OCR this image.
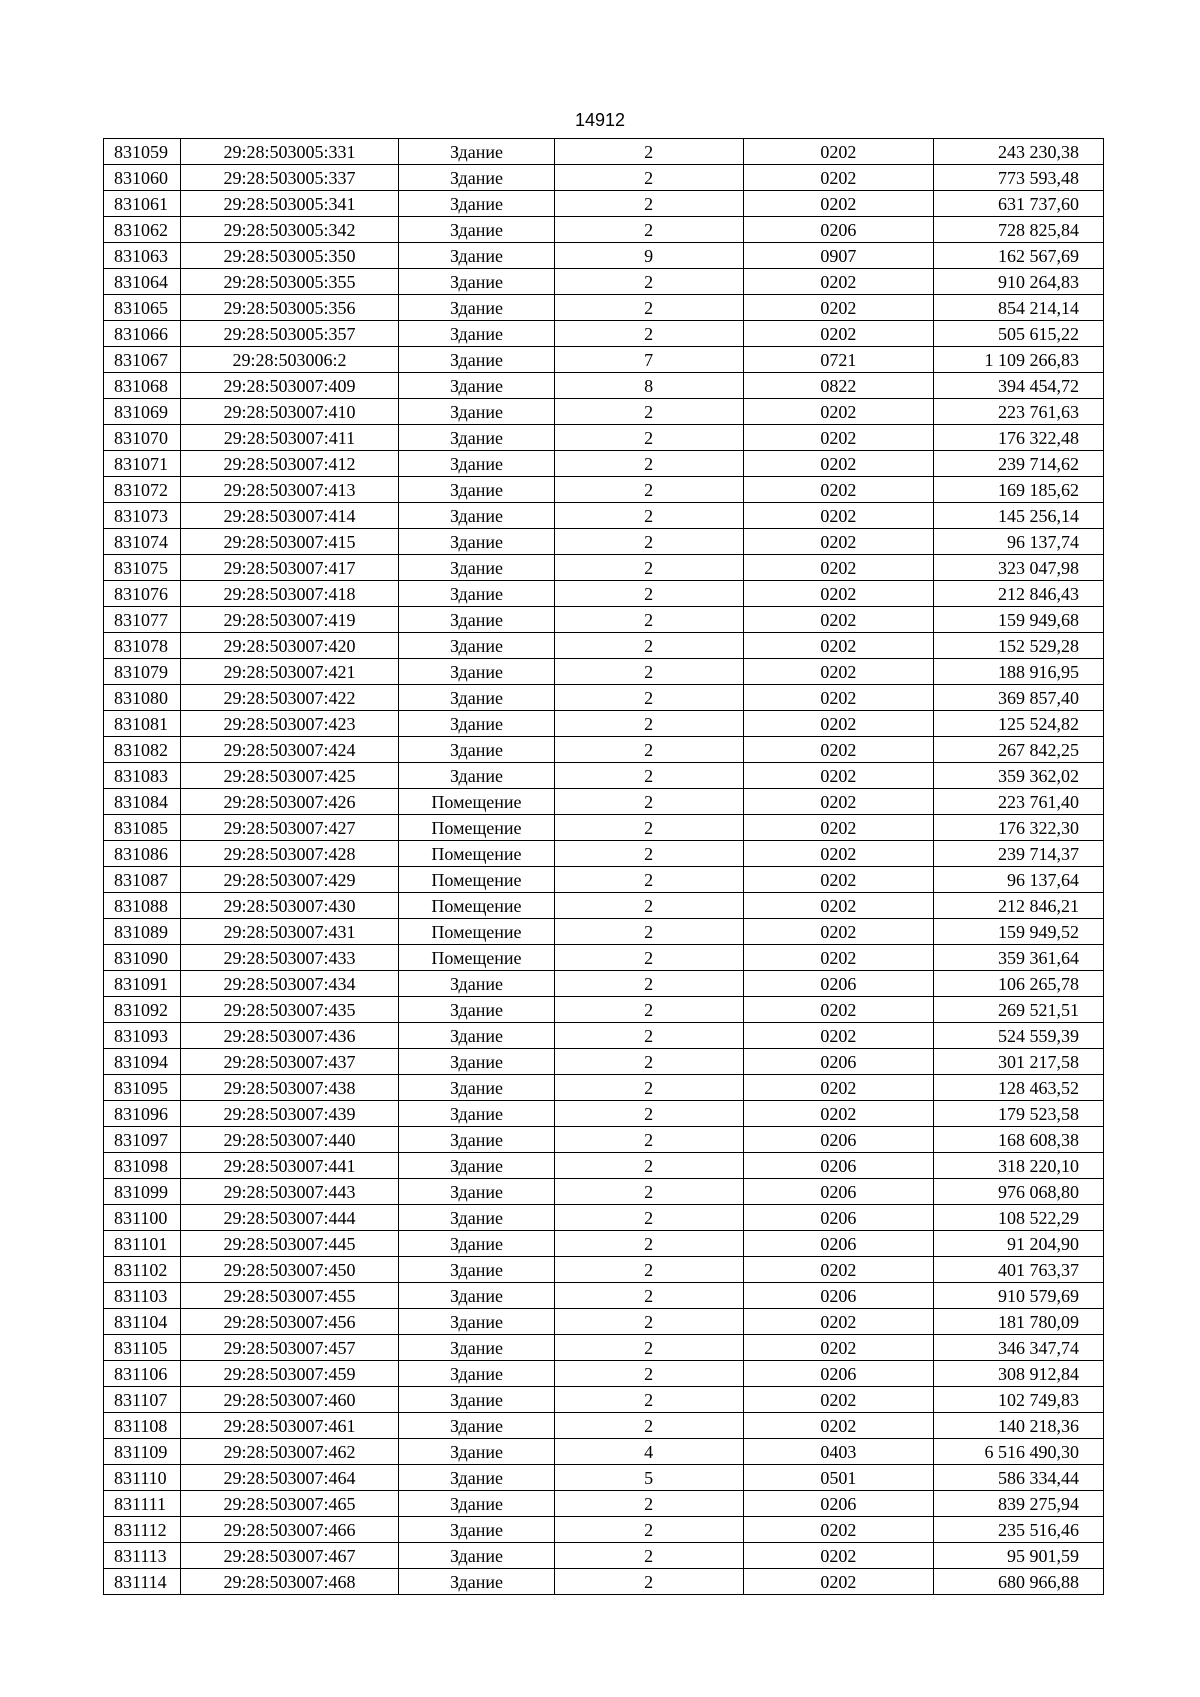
14912
831059	29:28:503005:331	Здание	2	0202	243 230,38
831060	29:28:503005:337	Здание	2	0202	773 593,48
831061	29:28:503005:341	Здание	2	0202	631 737,60
831062	29:28:503005:342	Здание	2	0206	728 825,84
831063	29:28:503005:350	Здание	9	0907	162 567,69
831064	29:28:503005:355	Здание	2	0202	910 264,83
831065	29:28:503005:356	Здание	2	0202	854 214,14
831066	29:28:503005:357	Здание	2	0202	505 615,22
831067	29:28:503006:2	Здание	7	0721	1 109 266,83
831068	29:28:503007:409	Здание	8	0822	394 454,72
831069	29:28:503007:410	Здание	2	0202	223 761,63
831070	29:28:503007:411	Здание	2	0202	176 322,48
831071	29:28:503007:412	Здание	2	0202	239 714,62
831072	29:28:503007:413	Здание	2	0202	169 185,62
831073	29:28:503007:414	Здание	2	0202	145 256,14
831074	29:28:503007:415	Здание	2	0202	96 137,74
831075	29:28:503007:417	Здание	2	0202	323 047,98
831076	29:28:503007:418	Здание	2	0202	212 846,43
831077	29:28:503007:419	Здание	2	0202	159 949,68
831078	29:28:503007:420	Здание	2	0202	152 529,28
831079	29:28:503007:421	Здание	2	0202	188 916,95
831080	29:28:503007:422	Здание	2	0202	369 857,40
831081	29:28:503007:423	Здание	2	0202	125 524,82
831082	29:28:503007:424	Здание	2	0202	267 842,25
831083	29:28:503007:425	Здание	2	0202	359 362,02
831084	29:28:503007:426	Помещение	2	0202	223 761,40
831085	29:28:503007:427	Помещение	2	0202	176 322,30
831086	29:28:503007:428	Помещение	2	0202	239 714,37
831087	29:28:503007:429	Помещение	2	0202	96 137,64
831088	29:28:503007:430	Помещение	2	0202	212 846,21
831089	29:28:503007:431	Помещение	2	0202	159 949,52
831090	29:28:503007:433	Помещение	2	0202	359 361,64
831091	29:28:503007:434	Здание	2	0206	106 265,78
831092	29:28:503007:435	Здание	2	0202	269 521,51
831093	29:28:503007:436	Здание	2	0202	524 559,39
831094	29:28:503007:437	Здание	2	0206	301 217,58
831095	29:28:503007:438	Здание	2	0202	128 463,52
831096	29:28:503007:439	Здание	2	0202	179 523,58
831097	29:28:503007:440	Здание	2	0206	168 608,38
831098	29:28:503007:441	Здание	2	0206	318 220,10
831099	29:28:503007:443	Здание	2	0206	976 068,80
831100	29:28:503007:444	Здание	2	0206	108 522,29
831101	29:28:503007:445	Здание	2	0206	91 204,90
831102	29:28:503007:450	Здание	2	0202	401 763,37
831103	29:28:503007:455	Здание	2	0206	910 579,69
831104	29:28:503007:456	Здание	2	0202	181 780,09
831105	29:28:503007:457	Здание	2	0202	346 347,74
831106	29:28:503007:459	Здание	2	0206	308 912,84
831107	29:28:503007:460	Здание	2	0202	102 749,83
831108	29:28:503007:461	Здание	2	0202	140 218,36
831109	29:28:503007:462	Здание	4	0403	6 516 490,30
831110	29:28:503007:464	Здание	5	0501	586 334,44
831111	29:28:503007:465	Здание	2	0206	839 275,94
831112	29:28:503007:466	Здание	2	0202	235 516,46
831113	29:28:503007:467	Здание	2	0202	95 901,59
831114	29:28:503007:468	Здание	2	0202	680 966,88
